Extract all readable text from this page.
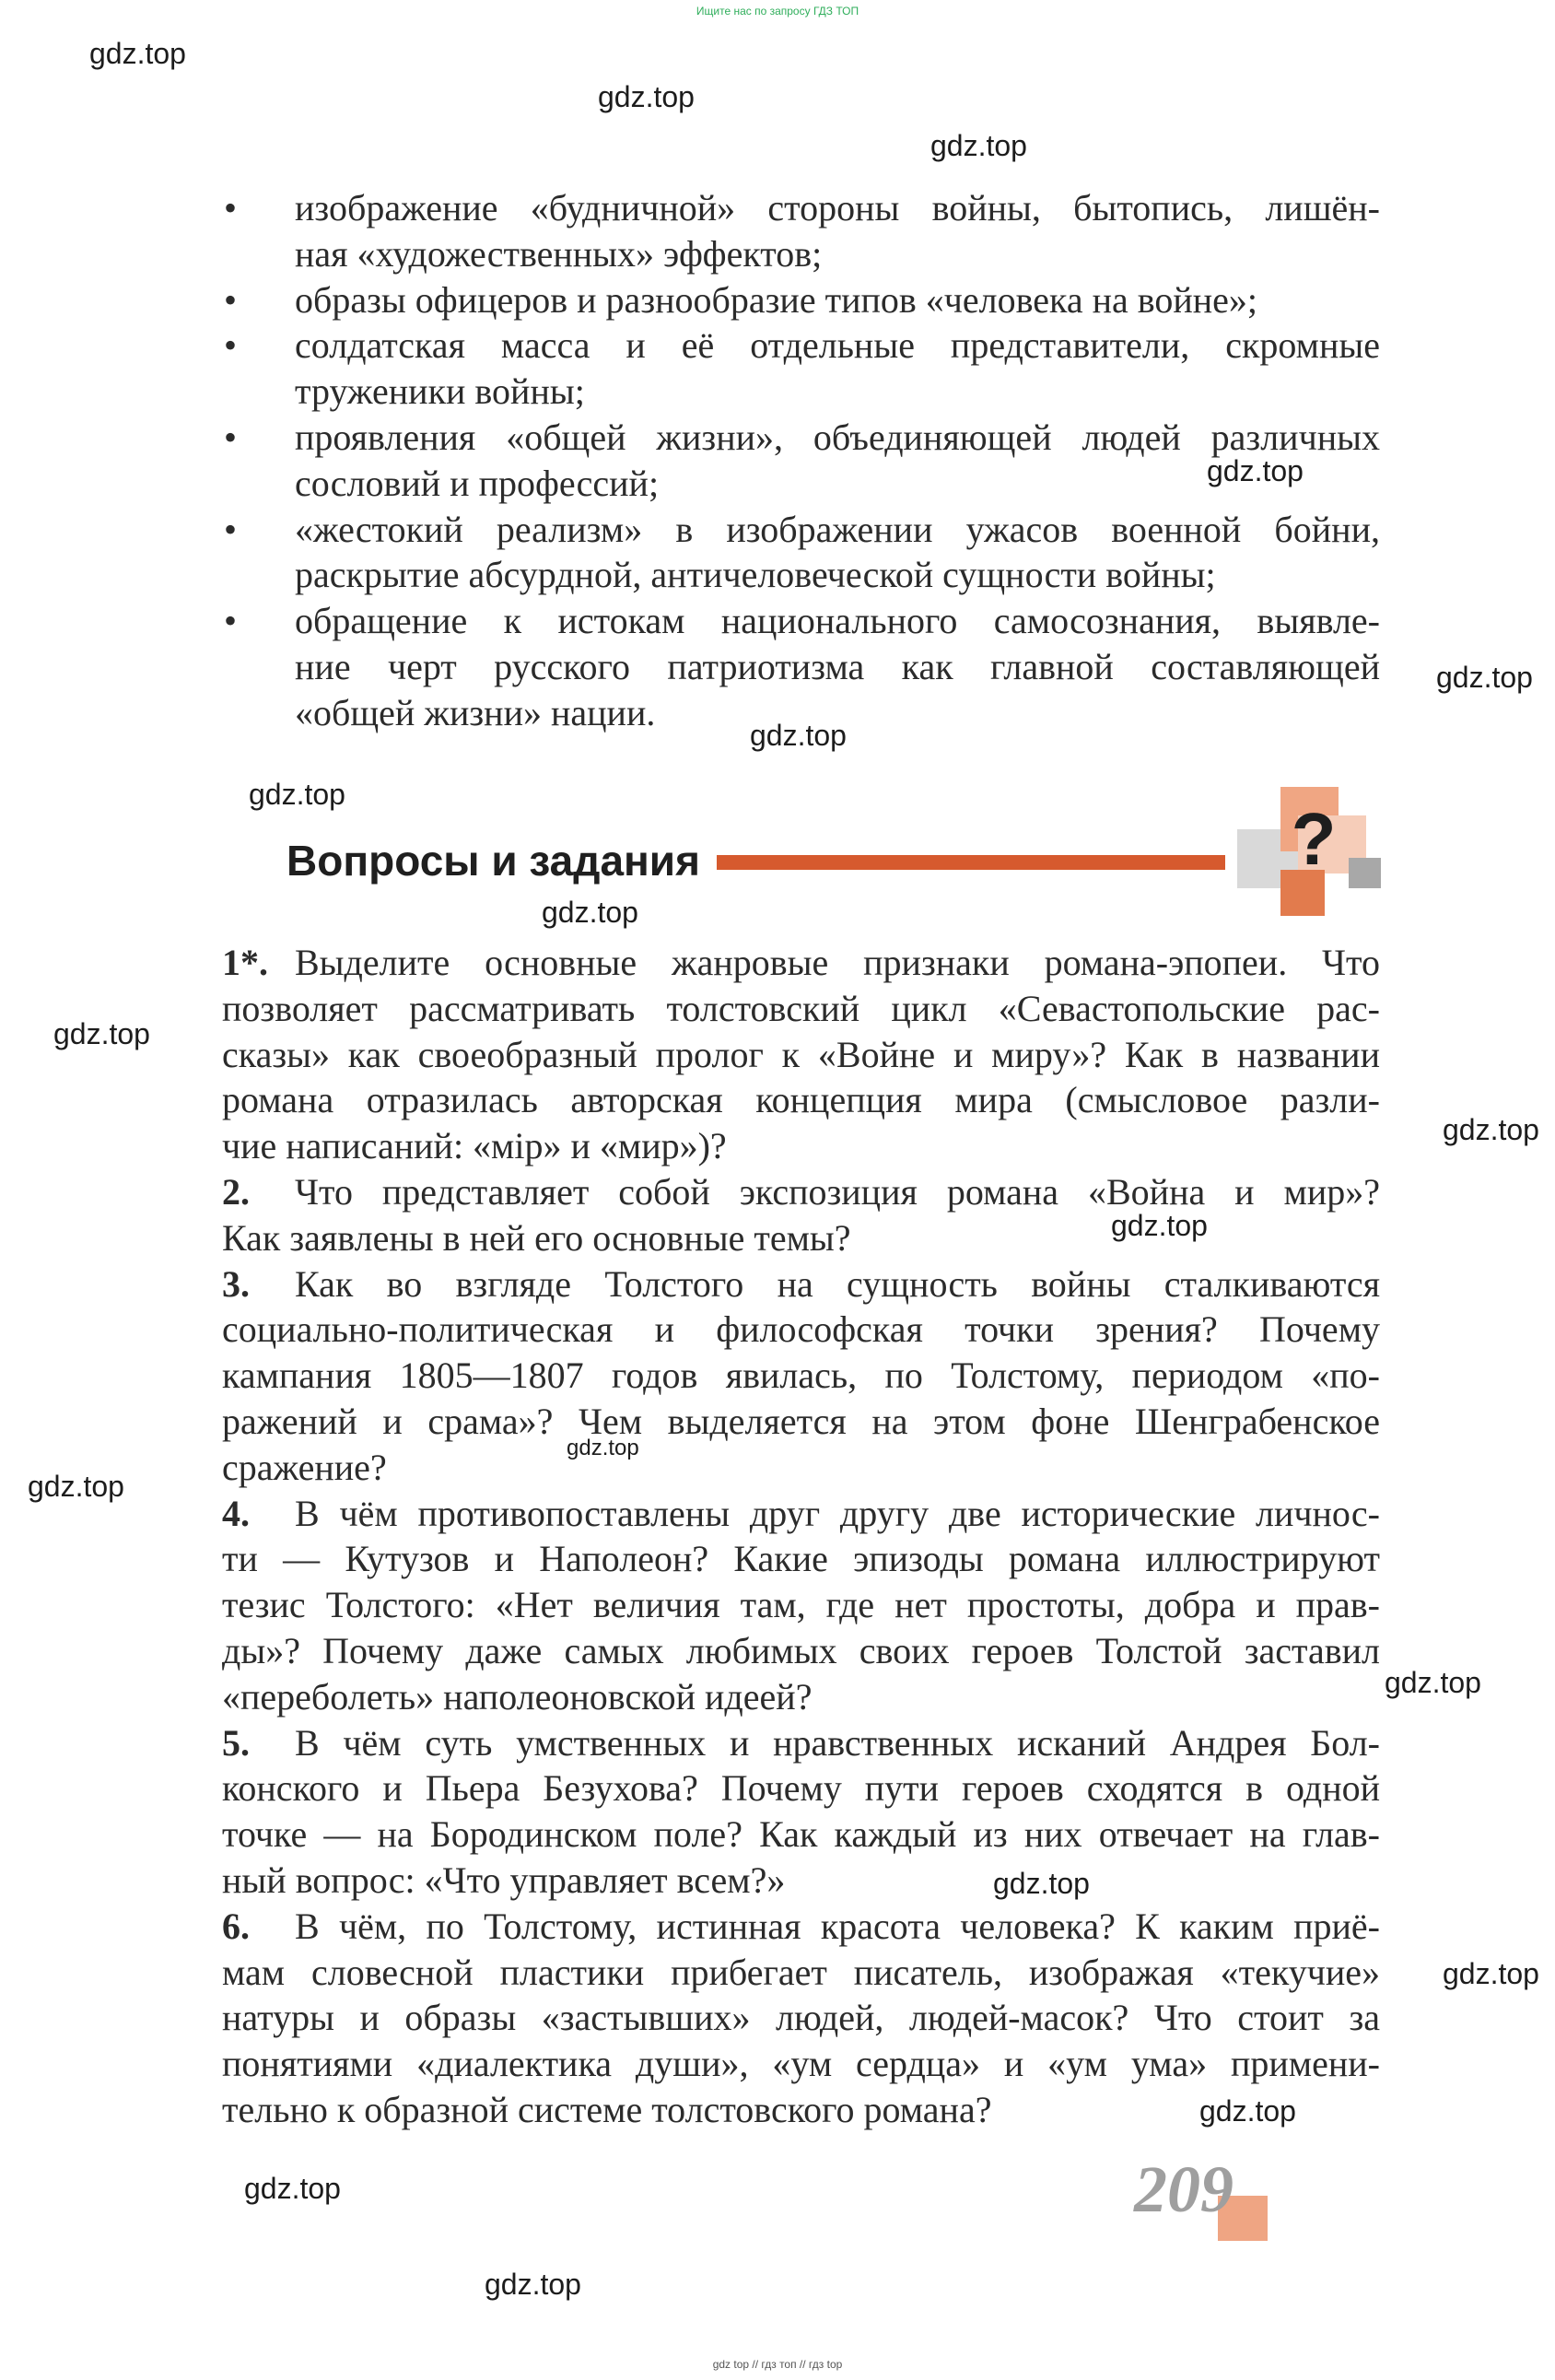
Ищите нас по запросу ГДЗ ТОП
gdz.top
gdz.top
gdz.top
gdz.top
gdz.top
gdz.top
gdz.top
gdz.top
gdz.top
gdz.top
gdz.top
gdz.top
gdz.top
gdz.top
gdz.top
gdz.top
gdz.top
gdz.top
gdz.top
•	изображение «будничной» стороны войны, бытопись, лишён-
ная «художественных» эффектов;
•	образы офицеров и разнообразие типов «человека на войне»;
•	солдатская масса и её отдельные представители, скромные
труженики войны;
•	проявления «общей жизни», объединяющей людей различных
сословий и профессий;
•	«жестокий реализм» в изображении ужасов военной бойни,
раскрытие абсурдной, античеловеческой сущности войны;
•	обращение к истокам национального самосознания, выявле-
ние черт русского патриотизма как главной составляющей
«общей жизни» нации.
Вопросы и задания	?
1*. Выделите основные жанровые признаки романа-эпопеи. Что
позволяет рассматривать толстовский цикл «Севастопольские рас-
сказы» как своеобразный пролог к «Войне и миру»? Как в названии
романа отразилась авторская концепция мира (смысловое разли-
чие написаний: «мір» и «мир»)?
2.	Что представляет собой экспозиция романа «Война и мир»?
Как заявлены в ней его основные темы?
3.	Как во взгляде Толстого на сущность войны сталкиваются
социально-политическая и философская точки зрения? Почему
кампания 1805—1807 годов явилась, по Толстому, периодом «по-
ражений и срама»? Чем выделяется на этом фоне Шенграбенское
сражение?
4.	В чём противопоставлены друг другу две исторические личнос-
ти — Кутузов и Наполеон? Какие эпизоды романа иллюстрируют
тезис Толстого: «Нет величия там, где нет простоты, добра и прав-
ды»? Почему даже самых любимых своих героев Толстой заставил
«переболеть» наполеоновской идеей?
5.	В чём суть умственных и нравственных исканий Андрея Бол-
конского и Пьера Безухова? Почему пути героев сходятся в одной
точке — на Бородинском поле? Как каждый из них отвечает на глав-
ный вопрос: «Что управляет всем?»
6.	В чём, по Толстому, истинная красота человека? К каким приё-
мам словесной пластики прибегает писатель, изображая «текучие»
натуры и образы «застывших» людей, людей-масок? Что стоит за
понятиями «диалектика души», «ум сердца» и «ум ума» примени-
тельно к образной системе толстовского романа?
209
gdz top // гдз топ // гдз top
